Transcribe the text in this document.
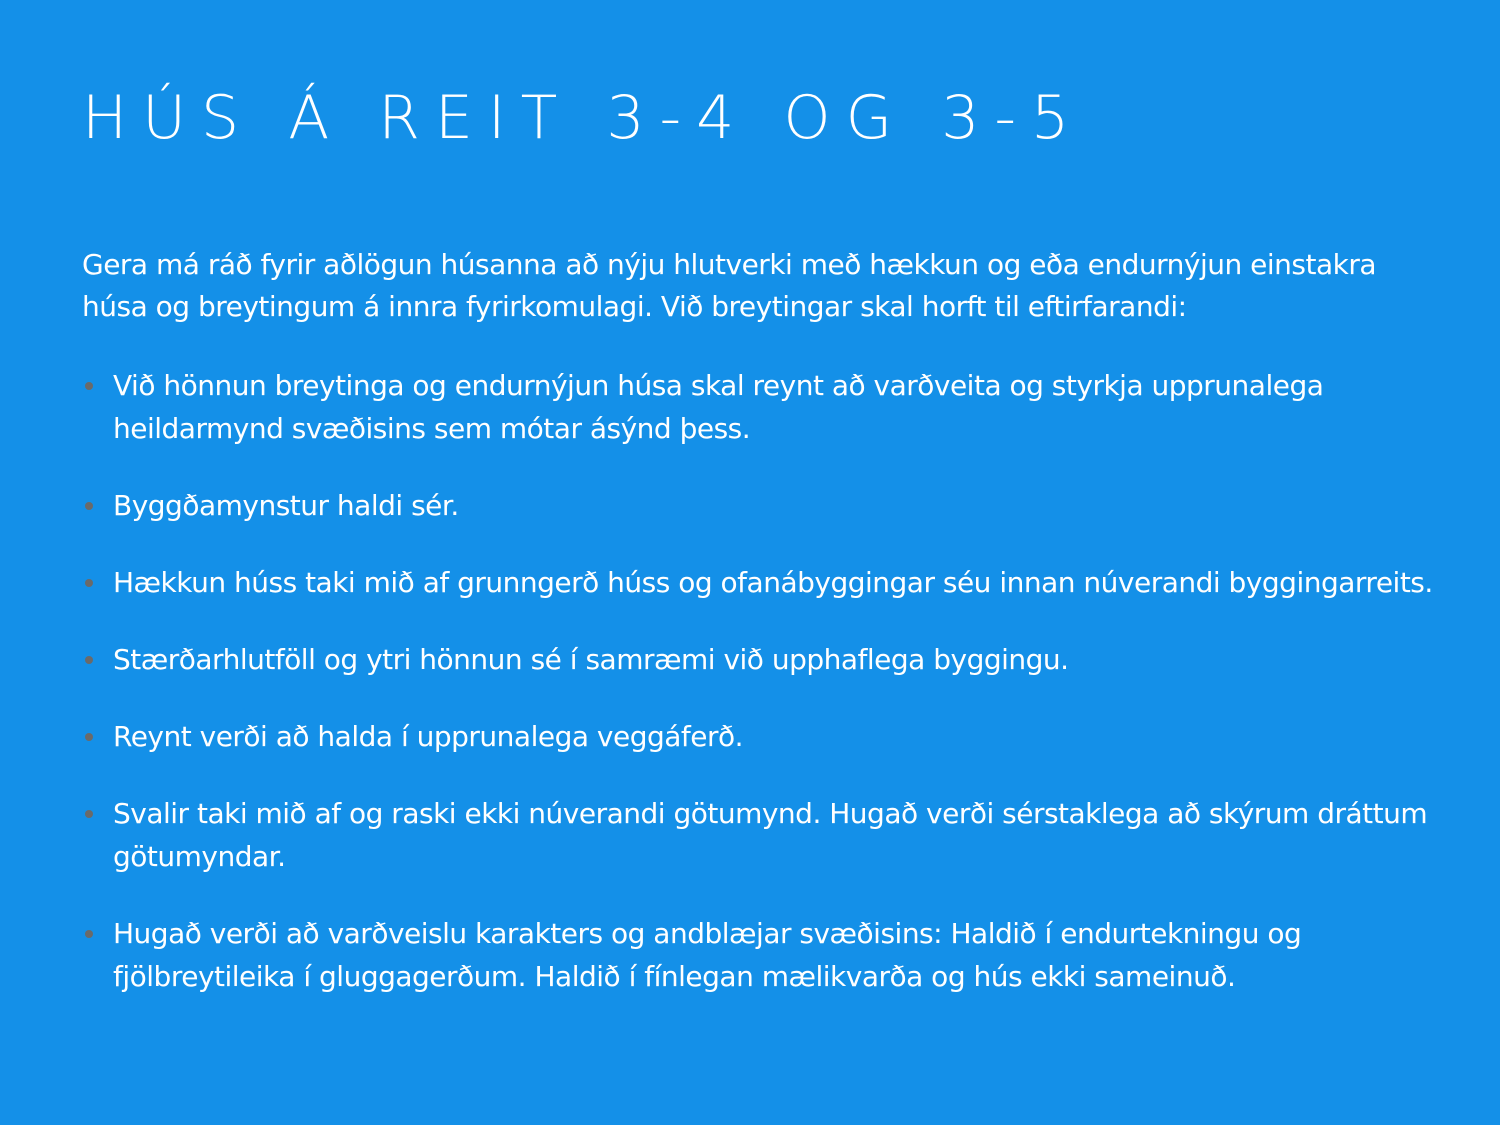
HÚS Á REIT 3-4 OG 3-5

Gera má ráð fyrir aðlögun húsanna að nýju hlutverki með hækkun og eða endurnýjun einstakra húsa og breytingum á innra fyrirkomulagi. Við breytingar skal horft til eftirfarandi:

Við hönnun breytinga og endurnýjun húsa skal reynt að varðveita og styrkja upprunalega heildarmynd svæðisins sem mótar ásýnd þess.
Byggðamynstur haldi sér.
Hækkun húss taki mið af grunngerð húss og ofanábyggingar séu innan núverandi byggingarreits.
Stærðarhlutföll og ytri hönnun sé í samræmi við upphaflega byggingu.
Reynt verði að halda í upprunalega veggáferð.
Svalir taki mið af og raski ekki núverandi götumynd. Hugað verði sérstaklega að skýrum dráttum götumyndar.
Hugað verði að varðveislu karakters og andblæjar svæðisins: Haldið í endurtekningu og fjölbreytileika í gluggagerðum. Haldið í fínlegan mælikvarða og hús ekki sameinuð.
